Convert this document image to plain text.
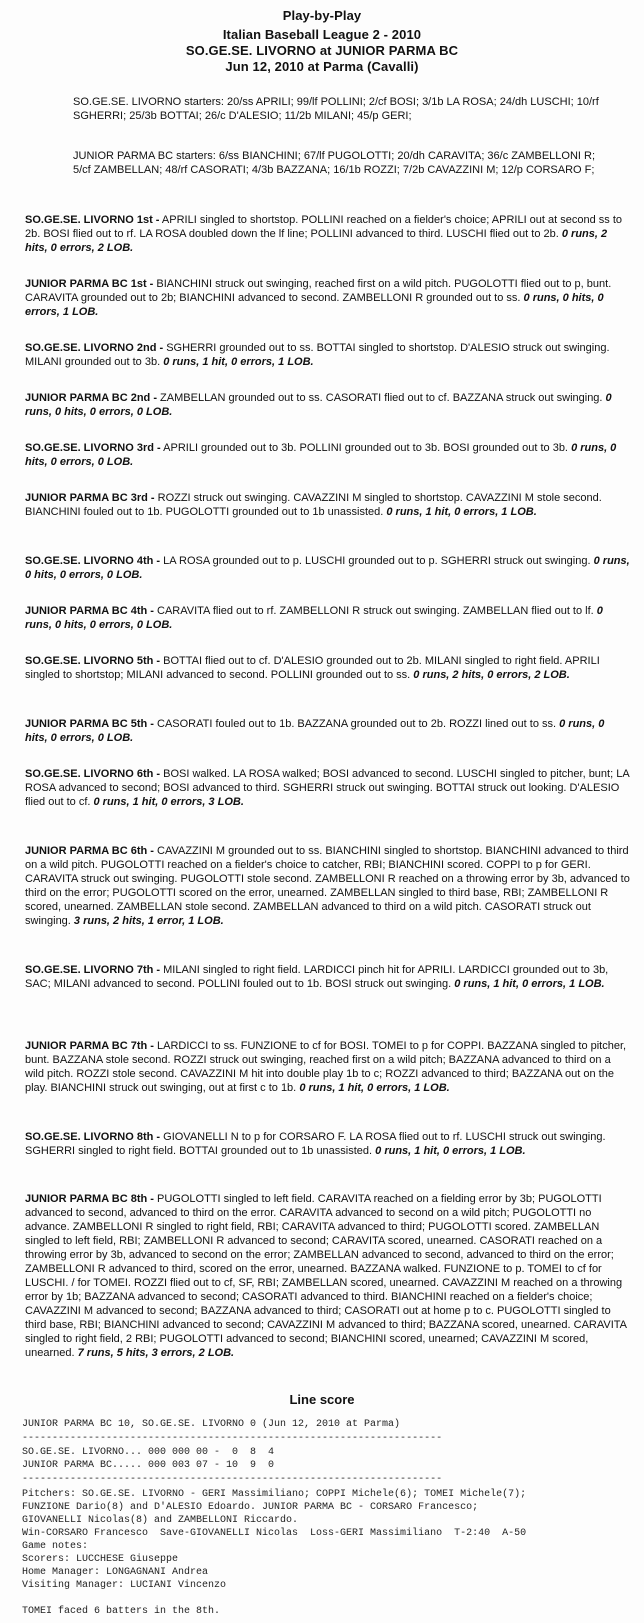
Play-by-Play
Italian Baseball League 2 - 2010
SO.GE.SE. LIVORNO at JUNIOR PARMA BC
Jun 12, 2010 at Parma (Cavalli)
SO.GE.SE. LIVORNO starters: 20/ss APRILI; 99/lf POLLINI; 2/cf BOSI; 3/1b LA ROSA; 24/dh LUSCHI; 10/rf SGHERRI; 25/3b BOTTAI; 26/c D'ALESIO; 11/2b MILANI; 45/p GERI;
JUNIOR PARMA BC starters: 6/ss BIANCHINI; 67/lf PUGOLOTTI; 20/dh CARAVITA; 36/c ZAMBELLONI R; 5/cf ZAMBELLAN; 48/rf CASORATI; 4/3b BAZZANA; 16/1b ROZZI; 7/2b CAVAZZINI M; 12/p CORSARO F;
SO.GE.SE. LIVORNO 1st - APRILI singled to shortstop. POLLINI reached on a fielder's choice; APRILI out at second ss to 2b. BOSI flied out to rf. LA ROSA doubled down the lf line; POLLINI advanced to third. LUSCHI flied out to 2b. 0 runs, 2 hits, 0 errors, 2 LOB.
JUNIOR PARMA BC 1st - BIANCHINI struck out swinging, reached first on a wild pitch. PUGOLOTTI flied out to p, bunt. CARAVITA grounded out to 2b; BIANCHINI advanced to second. ZAMBELLONI R grounded out to ss. 0 runs, 0 hits, 0 errors, 1 LOB.
SO.GE.SE. LIVORNO 2nd - SGHERRI grounded out to ss. BOTTAI singled to shortstop. D'ALESIO struck out swinging. MILANI grounded out to 3b. 0 runs, 1 hit, 0 errors, 1 LOB.
JUNIOR PARMA BC 2nd - ZAMBELLAN grounded out to ss. CASORATI flied out to cf. BAZZANA struck out swinging. 0 runs, 0 hits, 0 errors, 0 LOB.
SO.GE.SE. LIVORNO 3rd - APRILI grounded out to 3b. POLLINI grounded out to 3b. BOSI grounded out to 3b. 0 runs, 0 hits, 0 errors, 0 LOB.
JUNIOR PARMA BC 3rd - ROZZI struck out swinging. CAVAZZINI M singled to shortstop. CAVAZZINI M stole second. BIANCHINI fouled out to 1b. PUGOLOTTI grounded out to 1b unassisted. 0 runs, 1 hit, 0 errors, 1 LOB.
SO.GE.SE. LIVORNO 4th - LA ROSA grounded out to p. LUSCHI grounded out to p. SGHERRI struck out swinging. 0 runs, 0 hits, 0 errors, 0 LOB.
JUNIOR PARMA BC 4th - CARAVITA flied out to rf. ZAMBELLONI R struck out swinging. ZAMBELLAN flied out to lf. 0 runs, 0 hits, 0 errors, 0 LOB.
SO.GE.SE. LIVORNO 5th - BOTTAI flied out to cf. D'ALESIO grounded out to 2b. MILANI singled to right field. APRILI singled to shortstop; MILANI advanced to second. POLLINI grounded out to ss. 0 runs, 2 hits, 0 errors, 2 LOB.
JUNIOR PARMA BC 5th - CASORATI fouled out to 1b. BAZZANA grounded out to 2b. ROZZI lined out to ss. 0 runs, 0 hits, 0 errors, 0 LOB.
SO.GE.SE. LIVORNO 6th - BOSI walked. LA ROSA walked; BOSI advanced to second. LUSCHI singled to pitcher, bunt; LA ROSA advanced to second; BOSI advanced to third. SGHERRI struck out swinging. BOTTAI struck out looking. D'ALESIO flied out to cf. 0 runs, 1 hit, 0 errors, 3 LOB.
JUNIOR PARMA BC 6th - CAVAZZINI M grounded out to ss. BIANCHINI singled to shortstop. BIANCHINI advanced to third on a wild pitch. PUGOLOTTI reached on a fielder's choice to catcher, RBI; BIANCHINI scored. COPPI to p for GERI. CARAVITA struck out swinging. PUGOLOTTI stole second. ZAMBELLONI R reached on a throwing error by 3b, advanced to third on the error; PUGOLOTTI scored on the error, unearned. ZAMBELLAN singled to third base, RBI; ZAMBELLONI R scored, unearned. ZAMBELLAN stole second. ZAMBELLAN advanced to third on a wild pitch. CASORATI struck out swinging. 3 runs, 2 hits, 1 error, 1 LOB.
SO.GE.SE. LIVORNO 7th - MILANI singled to right field. LARDICCI pinch hit for APRILI. LARDICCI grounded out to 3b, SAC; MILANI advanced to second. POLLINI fouled out to 1b. BOSI struck out swinging. 0 runs, 1 hit, 0 errors, 1 LOB.
JUNIOR PARMA BC 7th - LARDICCI to ss. FUNZIONE to cf for BOSI. TOMEI to p for COPPI. BAZZANA singled to pitcher, bunt. BAZZANA stole second. ROZZI struck out swinging, reached first on a wild pitch; BAZZANA advanced to third on a wild pitch. ROZZI stole second. CAVAZZINI M hit into double play 1b to c; ROZZI advanced to third; BAZZANA out on the play. BIANCHINI struck out swinging, out at first c to 1b. 0 runs, 1 hit, 0 errors, 1 LOB.
SO.GE.SE. LIVORNO 8th - GIOVANELLI N to p for CORSARO F. LA ROSA flied out to rf. LUSCHI struck out swinging. SGHERRI singled to right field. BOTTAI grounded out to 1b unassisted. 0 runs, 1 hit, 0 errors, 1 LOB.
JUNIOR PARMA BC 8th - PUGOLOTTI singled to left field. CARAVITA reached on a fielding error by 3b; PUGOLOTTI advanced to second, advanced to third on the error. CARAVITA advanced to second on a wild pitch; PUGOLOTTI no advance. ZAMBELLONI R singled to right field, RBI; CARAVITA advanced to third; PUGOLOTTI scored. ZAMBELLAN singled to left field, RBI; ZAMBELLONI R advanced to second; CARAVITA scored, unearned. CASORATI reached on a throwing error by 3b, advanced to second on the error; ZAMBELLAN advanced to second, advanced to third on the error; ZAMBELLONI R advanced to third, scored on the error, unearned. BAZZANA walked. FUNZIONE to p. TOMEI to cf for LUSCHI. / for TOMEI. ROZZI flied out to cf, SF, RBI; ZAMBELLAN scored, unearned. CAVAZZINI M reached on a throwing error by 1b; BAZZANA advanced to second; CASORATI advanced to third. BIANCHINI reached on a fielder's choice; CAVAZZINI M advanced to second; BAZZANA advanced to third; CASORATI out at home p to c. PUGOLOTTI singled to third base, RBI; BIANCHINI advanced to second; CAVAZZINI M advanced to third; BAZZANA scored, unearned. CARAVITA singled to right field, 2 RBI; PUGOLOTTI advanced to second; BIANCHINI scored, unearned; CAVAZZINI M scored, unearned. 7 runs, 5 hits, 3 errors, 2 LOB.
Line score
JUNIOR PARMA BC 10, SO.GE.SE. LIVORNO 0 (Jun 12, 2010 at Parma)
----------------------------------------------------------------------
SO.GE.SE. LIVORNO... 000 000 00 -  0  8  4
JUNIOR PARMA BC..... 000 003 07 - 10  9  0
----------------------------------------------------------------------
Pitchers: SO.GE.SE. LIVORNO - GERI Massimiliano; COPPI Michele(6); TOMEI Michele(7);
FUNZIONE Dario(8) and D'ALESIO Edoardo. JUNIOR PARMA BC - CORSARO Francesco;
GIOVANELLI Nicolas(8) and ZAMBELLONI Riccardo.
Win-CORSARO Francesco  Save-GIOVANELLI Nicolas  Loss-GERI Massimiliano  T-2:40  A-50
Game notes:
Scorers: LUCCHESE Giuseppe
Home Manager: LONGAGNANI Andrea
Visiting Manager: LUCIANI Vincenzo
TOMEI faced 6 batters in the 8th.
